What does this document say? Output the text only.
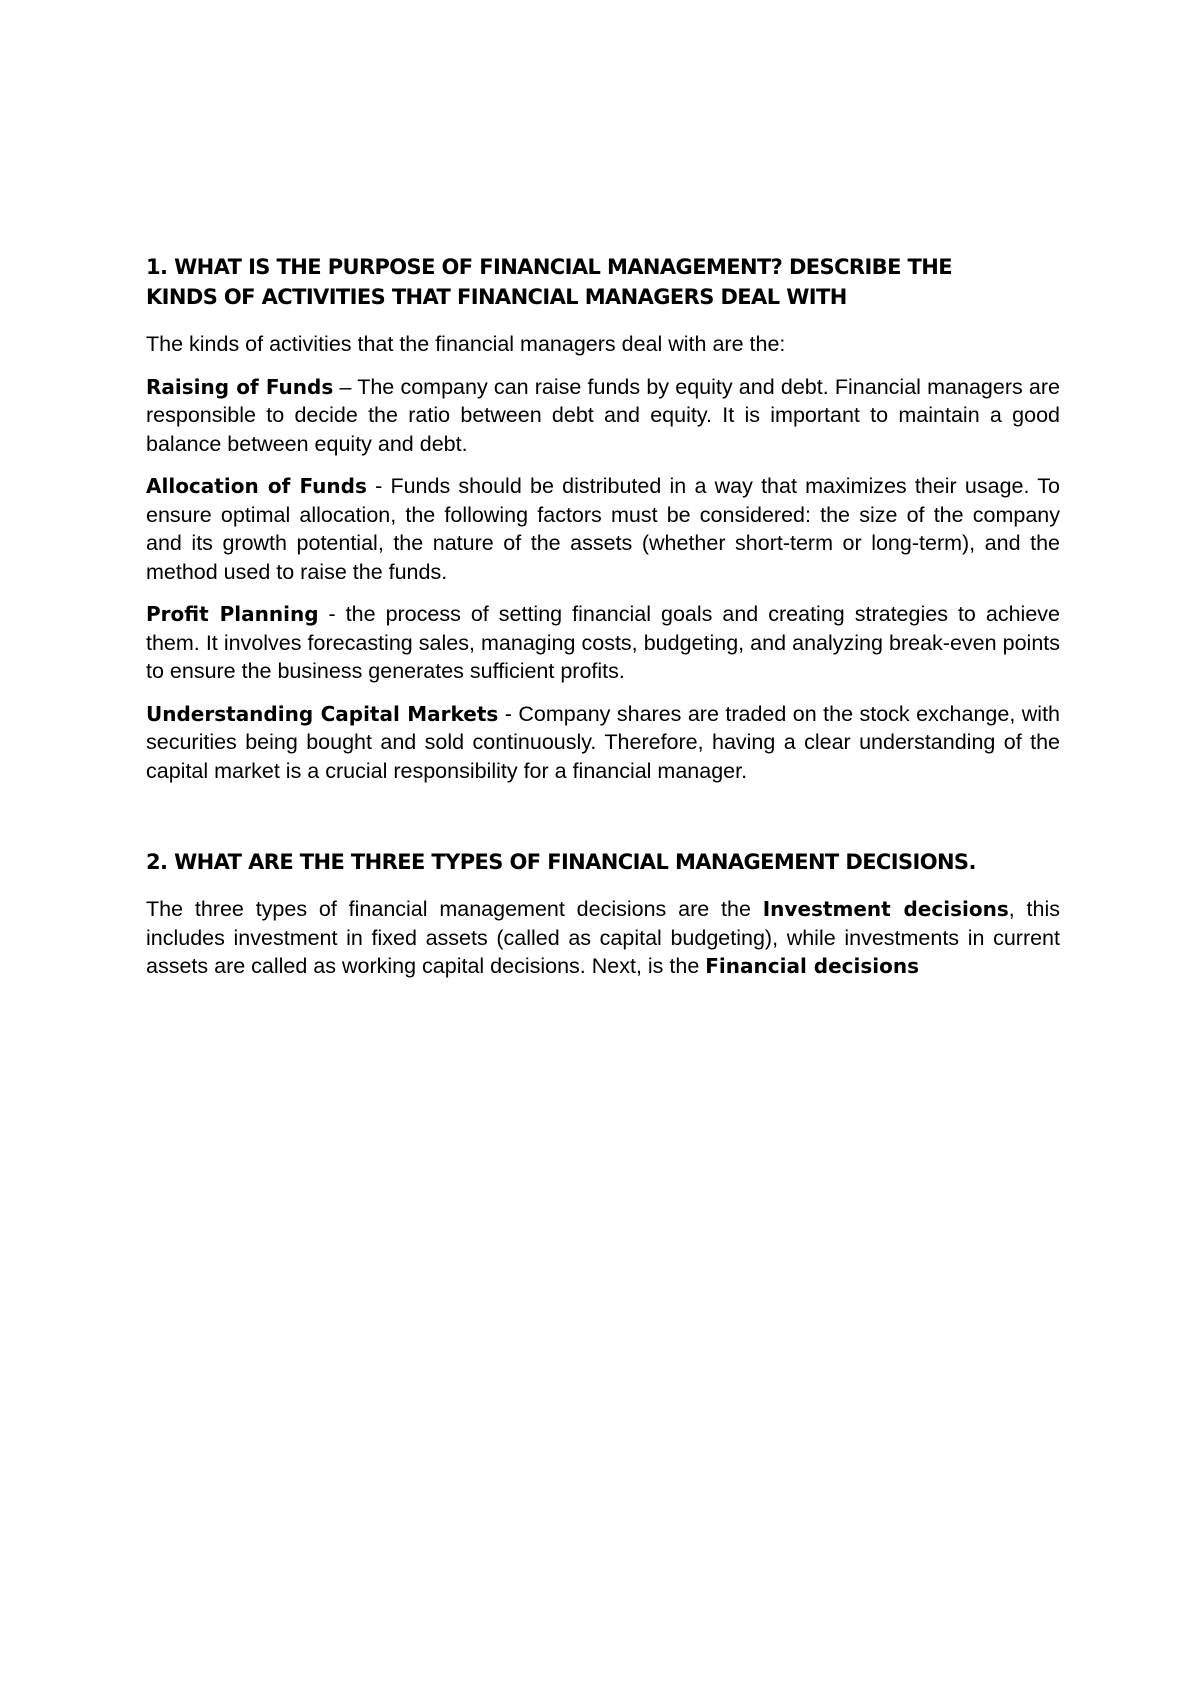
1. WHAT IS THE PURPOSE OF FINANCIAL MANAGEMENT? DESCRIBE THE
KINDS OF ACTIVITIES THAT FINANCIAL MANAGERS DEAL WITH

The kinds of activities that the financial managers deal with are the:

Raising of Funds – The company can raise funds by equity and debt. Financial managers are responsible to decide the ratio between debt and equity. It is important to maintain a good balance between equity and debt.

Allocation of Funds - Funds should be distributed in a way that maximizes their usage. To ensure optimal allocation, the following factors must be considered: the size of the company and its growth potential, the nature of the assets (whether short-term or long-term), and the method used to raise the funds.

Profit Planning - the process of setting financial goals and creating strategies to achieve them. It involves forecasting sales, managing costs, budgeting, and analyzing break-even points to ensure the business generates sufficient profits.

Understanding Capital Markets - Company shares are traded on the stock exchange, with securities being bought and sold continuously. Therefore, having a clear understanding of the capital market is a crucial responsibility for a financial manager.

2. WHAT ARE THE THREE TYPES OF FINANCIAL MANAGEMENT DECISIONS.

The three types of financial management decisions are the Investment decisions, this includes investment in fixed assets (called as capital budgeting), while investments in current assets are called as working capital decisions. Next, is the Financial decisions
